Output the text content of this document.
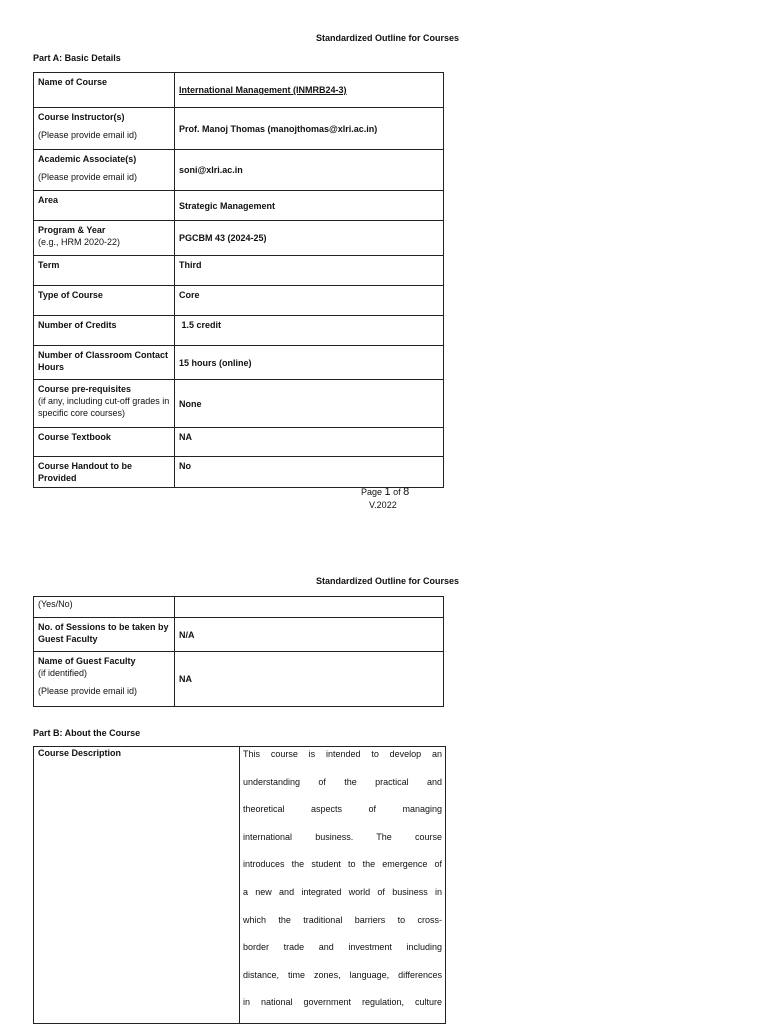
Standardized Outline for Courses
Part A: Basic Details
Name of Course	International Management (INMRB24-3)
Course Instructor(s)
(Please provide email id)	Prof. Manoj Thomas (manojthomas@xlri.ac.in)
Academic Associate(s)
(Please provide email id)	soni@xlri.ac.in
Area	Strategic Management
Program & Year
(e.g., HRM 2020-22)	PGCBM 43 (2024-25)
Term	Third
Type of Course	Core
Number of Credits	1.5 credit
Number of Classroom Contact Hours	15 hours (online)
Course pre-requisites
(if any, including cut-off grades in specific core courses)	None
Course Textbook	NA
Course Handout to be Provided	No
Page 1 of 8
V.2022
Standardized Outline for Courses
(Yes/No)	
No. of Sessions to be taken by Guest Faculty	N/A
Name of Guest Faculty
(if identified)
(Please provide email id)	NA
Part B: About the Course
Course Description	This course is intended to develop an

understanding of the practical and

theoretical aspects of managing

international business. The course

introduces the student to the emergence of

a new and integrated world of business in

which the traditional barriers to cross-

border trade and investment including

distance, time zones, language, differences

in national government regulation, culture
